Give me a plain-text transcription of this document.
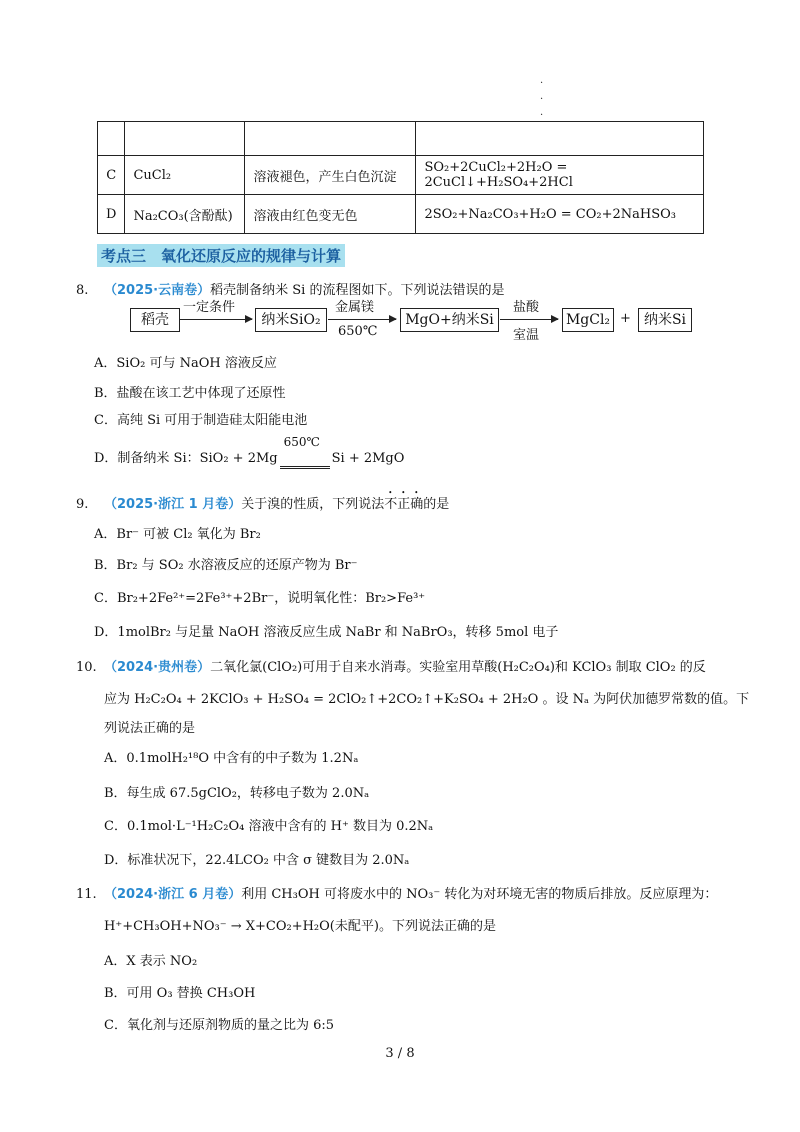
·
·
·

C	CuCl₂	溶液褪色，产生白色沉淀	SO₂+2CuCl₂+2H₂O = 2CuCl↓+H₂SO₄+2HCl
D	Na₂CO₃(含酚酞)	溶液由红色变无色	2SO₂+Na₂CO₃+H₂O = CO₂+2NaHSO₃
考点三　氧化还原反应的规律与计算
8. （2025·云南卷）稻壳制备纳米 Si 的流程图如下。下列说法错误的是
稻壳
一定条件
纳米SiO₂
金属镁
650℃
MgO+纳米Si
盐酸
室温
MgCl₂ + 纳米Si
A．SiO₂ 可与 NaOH 溶液反应
B．盐酸在该工艺中体现了还原性
C．高纯 Si 可用于制造硅太阳能电池
D．制备纳米 Si：SiO₂ + 2Mg
650℃
Si + 2MgO
9. （2025·浙江 1 月卷）关于溴的性质，下列说法不正确的是
A．Br⁻ 可被 Cl₂ 氧化为 Br₂
B．Br₂ 与 SO₂ 水溶液反应的还原产物为 Br⁻
C．Br₂+2Fe²⁺=2Fe³⁺+2Br⁻，说明氧化性：Br₂>Fe³⁺
D．1molBr₂ 与足量 NaOH 溶液反应生成 NaBr 和 NaBrO₃，转移 5mol 电子
10. （2024·贵州卷）二氧化氯(ClO₂)可用于自来水消毒。实验室用草酸(H₂C₂O₄)和 KClO₃ 制取 ClO₂ 的反
应为 H₂C₂O₄ + 2KClO₃ + H₂SO₄ = 2ClO₂↑+2CO₂↑+K₂SO₄ + 2H₂O 。设 Nₐ 为阿伏加德罗常数的值。下
列说法正确的是
A．0.1molH₂¹⁸O 中含有的中子数为 1.2Nₐ
B．每生成 67.5gClO₂，转移电子数为 2.0Nₐ
C．0.1mol·L⁻¹H₂C₂O₄ 溶液中含有的 H⁺ 数目为 0.2Nₐ
D．标准状况下，22.4LCO₂ 中含 σ 键数目为 2.0Nₐ
11. （2024·浙江 6 月卷）利用 CH₃OH 可将废水中的 NO₃⁻ 转化为对环境无害的物质后排放。反应原理为：
H⁺+CH₃OH+NO₃⁻ → X+CO₂+H₂O(未配平)。下列说法正确的是
A．X 表示 NO₂
B．可用 O₃ 替换 CH₃OH
C．氧化剂与还原剂物质的量之比为 6:5
3 / 8
